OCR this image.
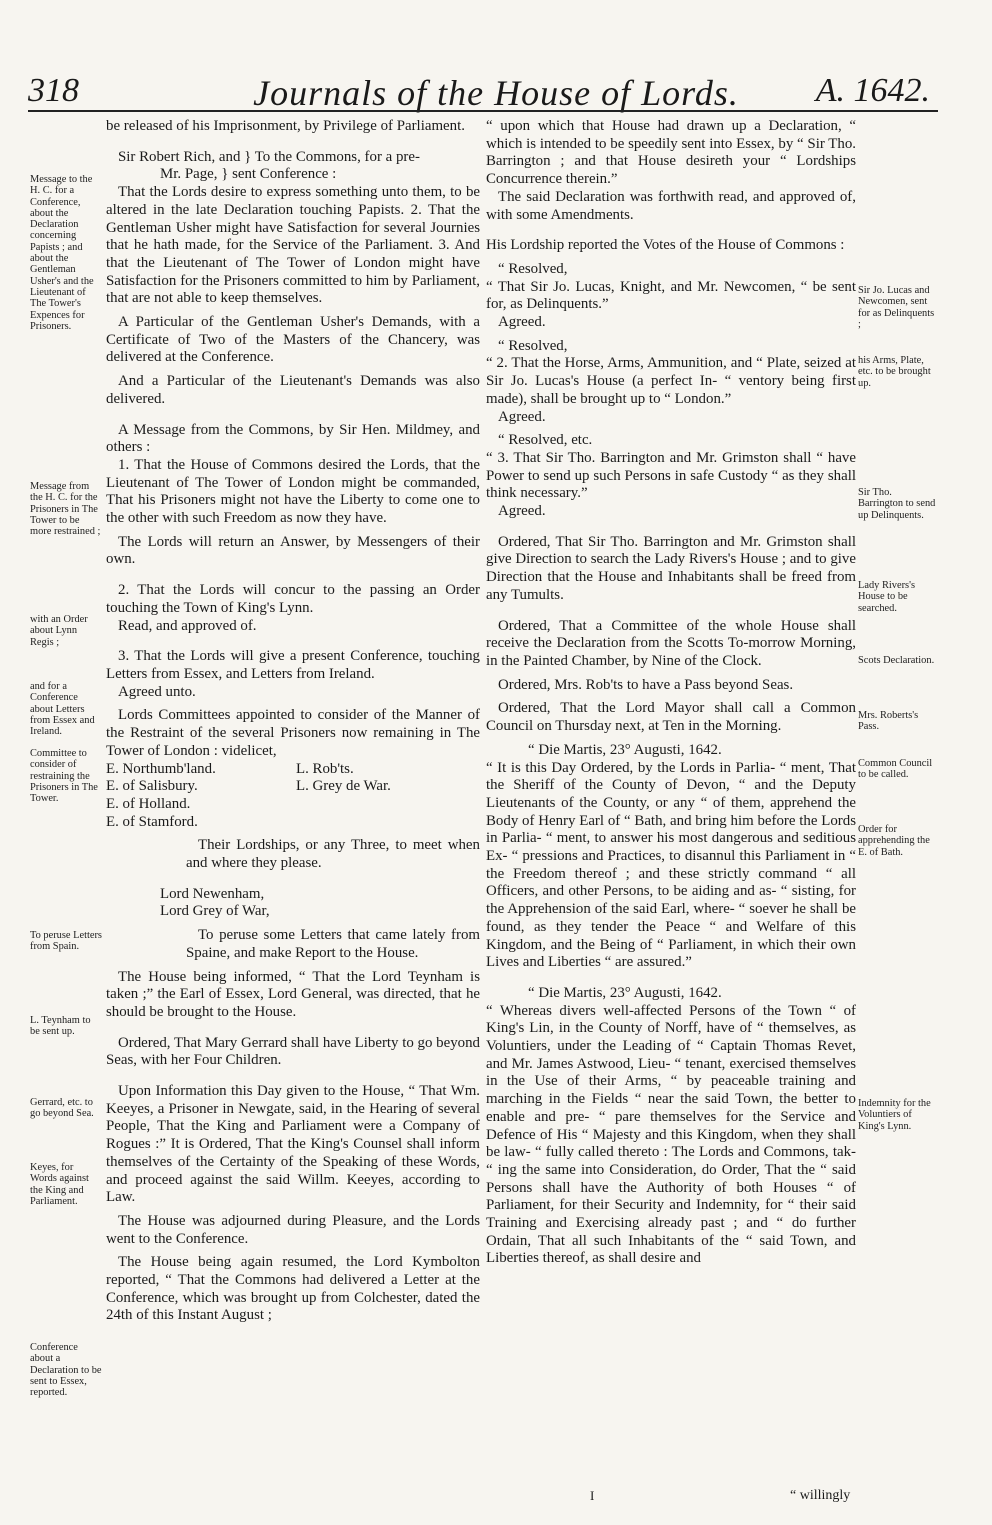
318	Journals of the House of Lords.	A. 1642.

be released of his Imprisonment, by Privilege of Parliament.

Sir Robert Rich, and } To the Commons, for a pre-

Mr. Page, } sent Conference :

That the Lords desire to express something unto them, to be altered in the late Declaration touching Papists. 2. That the Gentleman Usher might have Satisfaction for several Journies that he hath made, for the Service of the Parliament. 3. And that the Lieutenant of The Tower of London might have Satisfaction for the Prisoners committed to him by Parliament, that are not able to keep themselves.

A Particular of the Gentleman Usher's Demands, with a Certificate of Two of the Masters of the Chancery, was delivered at the Conference.

And a Particular of the Lieutenant's Demands was also delivered.

A Message from the Commons, by Sir Hen. Mildmey, and others :

1. That the House of Commons desired the Lords, that the Lieutenant of The Tower of London might be commanded, That his Prisoners might not have the Liberty to come one to the other with such Freedom as now they have.

The Lords will return an Answer, by Messengers of their own.

2. That the Lords will concur to the passing an Order touching the Town of King's Lynn.

Read, and approved of.

3. That the Lords will give a present Conference, touching Letters from Essex, and Letters from Ireland.

Agreed unto.

Lords Committees appointed to consider of the Manner of the Restraint of the several Prisoners now remaining in The Tower of London : videlicet,

E. Northumb'land.	L. Rob'ts.
E. of Salisbury.	L. Grey de War.
E. of Holland.
E. of Stamford.

Their Lordships, or any Three, to meet when and where they please.

Lord Newenham,

Lord Grey of War,

To peruse some Letters that came lately from Spaine, and make Report to the House.

The House being informed, “ That the Lord Teynham is taken ;” the Earl of Essex, Lord General, was directed, that he should be brought to the House.

Ordered, That Mary Gerrard shall have Liberty to go beyond Seas, with her Four Children.

Upon Information this Day given to the House, “ That Wm. Keeyes, a Prisoner in Newgate, said, in the Hearing of several People, That the King and Parliament were a Company of Rogues :” It is Ordered, That the King's Counsel shall inform themselves of the Certainty of the Speaking of these Words, and proceed against the said Willm. Keeyes, according to Law.

The House was adjourned during Pleasure, and the Lords went to the Conference.

The House being again resumed, the Lord Kymbolton reported, “ That the Commons had delivered a Letter at the Conference, which was brought up from Colchester, dated the 24th of this Instant August ;

“ upon which that House had drawn up a Declaration, “ which is intended to be speedily sent into Essex, by “ Sir Tho. Barrington ; and that House desireth your “ Lordships Concurrence therein.”

The said Declaration was forthwith read, and approved of, with some Amendments.

His Lordship reported the Votes of the House of Commons :

“ Resolved,

“ That Sir Jo. Lucas, Knight, and Mr. Newcomen, “ be sent for, as Delinquents.”

Agreed.

“ Resolved,

“ 2. That the Horse, Arms, Ammunition, and “ Plate, seized at Sir Jo. Lucas's House (a perfect In- “ ventory being first made), shall be brought up to “ London.”

Agreed.

“ Resolved, etc.

“ 3. That Sir Tho. Barrington and Mr. Grimston shall “ have Power to send up such Persons in safe Custody “ as they shall think necessary.”

Agreed.

Ordered, That Sir Tho. Barrington and Mr. Grimston shall give Direction to search the Lady Rivers's House ; and to give Direction that the House and Inhabitants shall be freed from any Tumults.

Ordered, That a Committee of the whole House shall receive the Declaration from the Scotts To-morrow Morning, in the Painted Chamber, by Nine of the Clock.

Ordered, Mrs. Rob'ts to have a Pass beyond Seas.

Ordered, That the Lord Mayor shall call a Common Council on Thursday next, at Ten in the Morning.

“ Die Martis, 23° Augusti, 1642.

“ It is this Day Ordered, by the Lords in Parlia- “ ment, That the Sheriff of the County of Devon, “ and the Deputy Lieutenants of the County, or any “ of them, apprehend the Body of Henry Earl of “ Bath, and bring him before the Lords in Parlia- “ ment, to answer his most dangerous and seditious Ex- “ pressions and Practices, to disannul this Parliament in “ the Freedom thereof ; and these strictly command “ all Officers, and other Persons, to be aiding and as- “ sisting, for the Apprehension of the said Earl, where- “ soever he shall be found, as they tender the Peace “ and Welfare of this Kingdom, and the Being of “ Parliament, in which their own Lives and Liberties “ are assured.”

“ Die Martis, 23° Augusti, 1642.

“ Whereas divers well-affected Persons of the Town “ of King's Lin, in the County of Norff, have of “ themselves, as Voluntiers, under the Leading of “ Captain Thomas Revet, and Mr. James Astwood, Lieu- “ tenant, exercised themselves in the Use of their Arms, “ by peaceable training and marching in the Fields “ near the said Town, the better to enable and pre- “ pare themselves for the Service and Defence of His “ Majesty and this Kingdom, when they shall be law- “ fully called thereto : The Lords and Commons, tak- “ ing the same into Consideration, do Order, That the “ said Persons shall have the Authority of both Houses “ of Parliament, for their Security and Indemnity, for “ their said Training and Exercising already past ; and “ do further Ordain, That all such Inhabitants of the “ said Town, and Liberties thereof, as shall desire and

Message to the H. C. for a Conference, about the Declaration concerning Papists ; and about the Gentleman Usher's and the Lieutenant of The Tower's Expences for Prisoners.
Message from the H. C. for the Prisoners in The Tower to be more restrained ;
with an Order about Lynn Regis ;
and for a Conference about Letters from Essex and Ireland.
Committee to consider of restraining the Prisoners in The Tower.
To peruse Letters from Spain.
L. Teynham to be sent up.
Gerrard, etc. to go beyond Sea.
Keyes, for Words against the King and Parliament.
Conference about a Declaration to be sent to Essex, reported.
Sir Jo. Lucas and Newcomen, sent for as Delinquents ;
his Arms, Plate, etc. to be brought up.
Sir Tho. Barrington to send up Delinquents.
Lady Rivers's House to be searched.
Scots Declaration.
Mrs. Roberts's Pass.
Common Council to be called.
Order for apprehending the E. of Bath.
Indemnity for the Voluntiers of King's Lynn.
I	“ willingly
